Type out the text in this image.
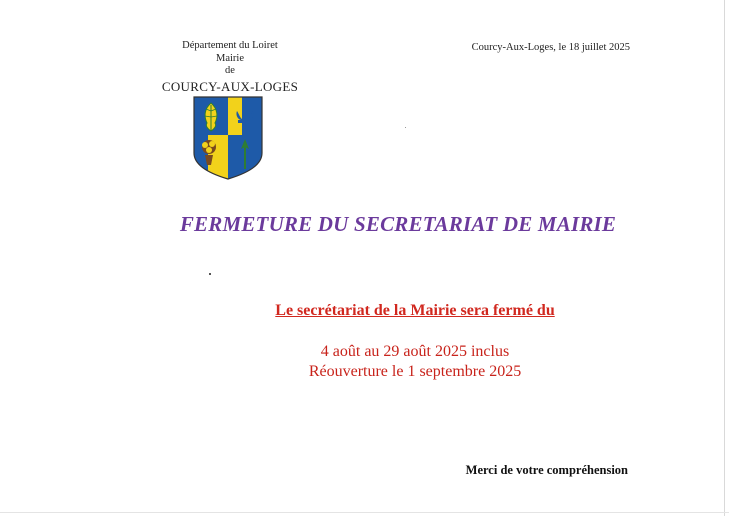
Département du Loiret
Mairie
de
COURCY-AUX-LOGES
Courcy-Aux-Loges, le 18 juillet 2025
FERMETURE DU SECRETARIAT DE MAIRIE
Le secrétariat de la Mairie sera fermé du
4 août au 29 août 2025 inclus
Réouverture le 1 septembre 2025
Merci de votre compréhension
